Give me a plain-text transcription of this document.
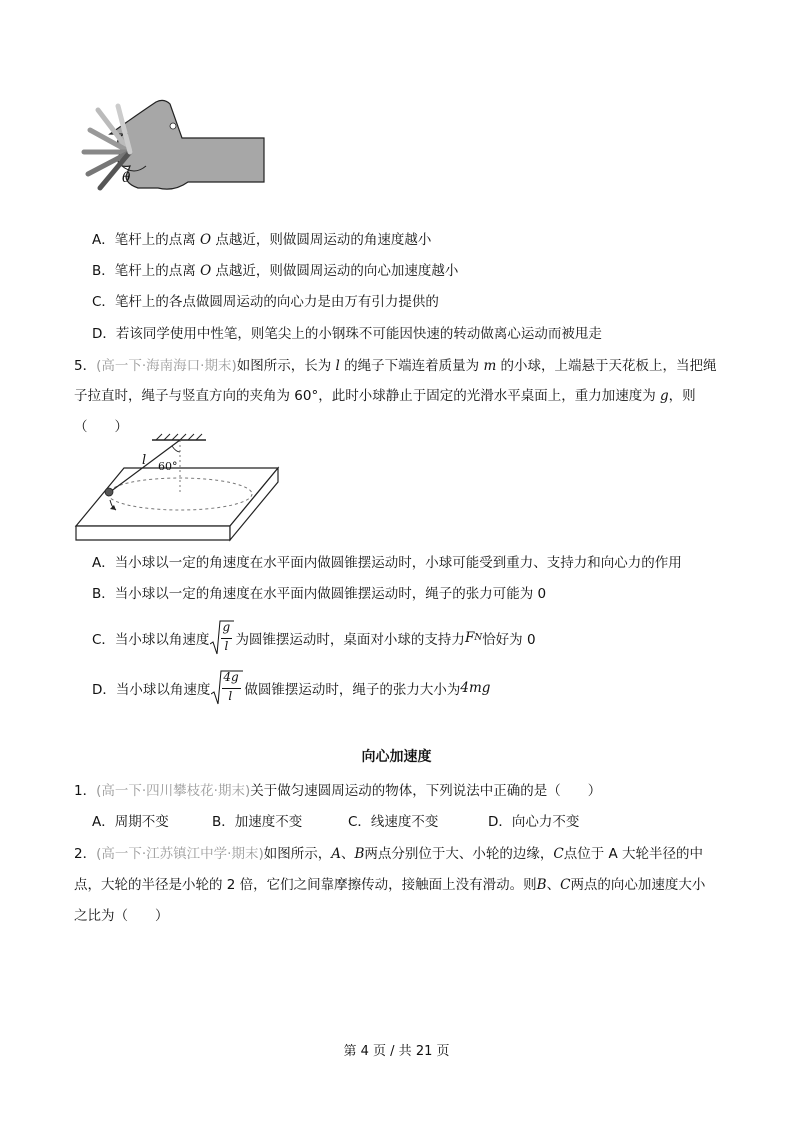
θ
A．笔杆上的点离 O 点越近，则做圆周运动的角速度越小
B．笔杆上的点离 O 点越近，则做圆周运动的向心加速度越小
C．笔杆上的各点做圆周运动的向心力是由万有引力提供的
D．若该同学使用中性笔，则笔尖上的小钢珠不可能因快速的转动做离心运动而被甩走
5．(高一下·海南海口·期末)如图所示，长为 l 的绳子下端连着质量为 m 的小球，上端悬于天花板上，当把绳
子拉直时，绳子与竖直方向的夹角为 60°，此时小球静止于固定的光滑水平桌面上，重力加速度为 g，则
（　　）
l 60°
A．当小球以一定的角速度在水平面内做圆锥摆运动时，小球可能受到重力、支持力和向心力的作用
B．当小球以一定的角速度在水平面内做圆锥摆运动时，绳子的张力可能为 0
C．当小球以角速度 $\frac{g}{l}$ 为圆锥摆运动时，桌面对小球的支持力 F N 恰好为 0
D．当小球以角速度 $\frac{4g}{l}$ 做圆锥摆运动时，绳子的张力大小为 4mg
向心加速度
1．(高一下·四川攀枝花·期末)关于做匀速圆周运动的物体，下列说法中正确的是（　　）
A．周期不变	B．加速度不变	C．线速度不变	D．向心力不变
2．(高一下·江苏镇江中学·期末)如图所示，A、B两点分别位于大、小轮的边缘，C点位于 A 大轮半径的中
点，大轮的半径是小轮的 2 倍，它们之间靠摩擦传动，接触面上没有滑动。则B、C两点的向心加速度大小
之比为（　　）
第 4 页 / 共 21 页
